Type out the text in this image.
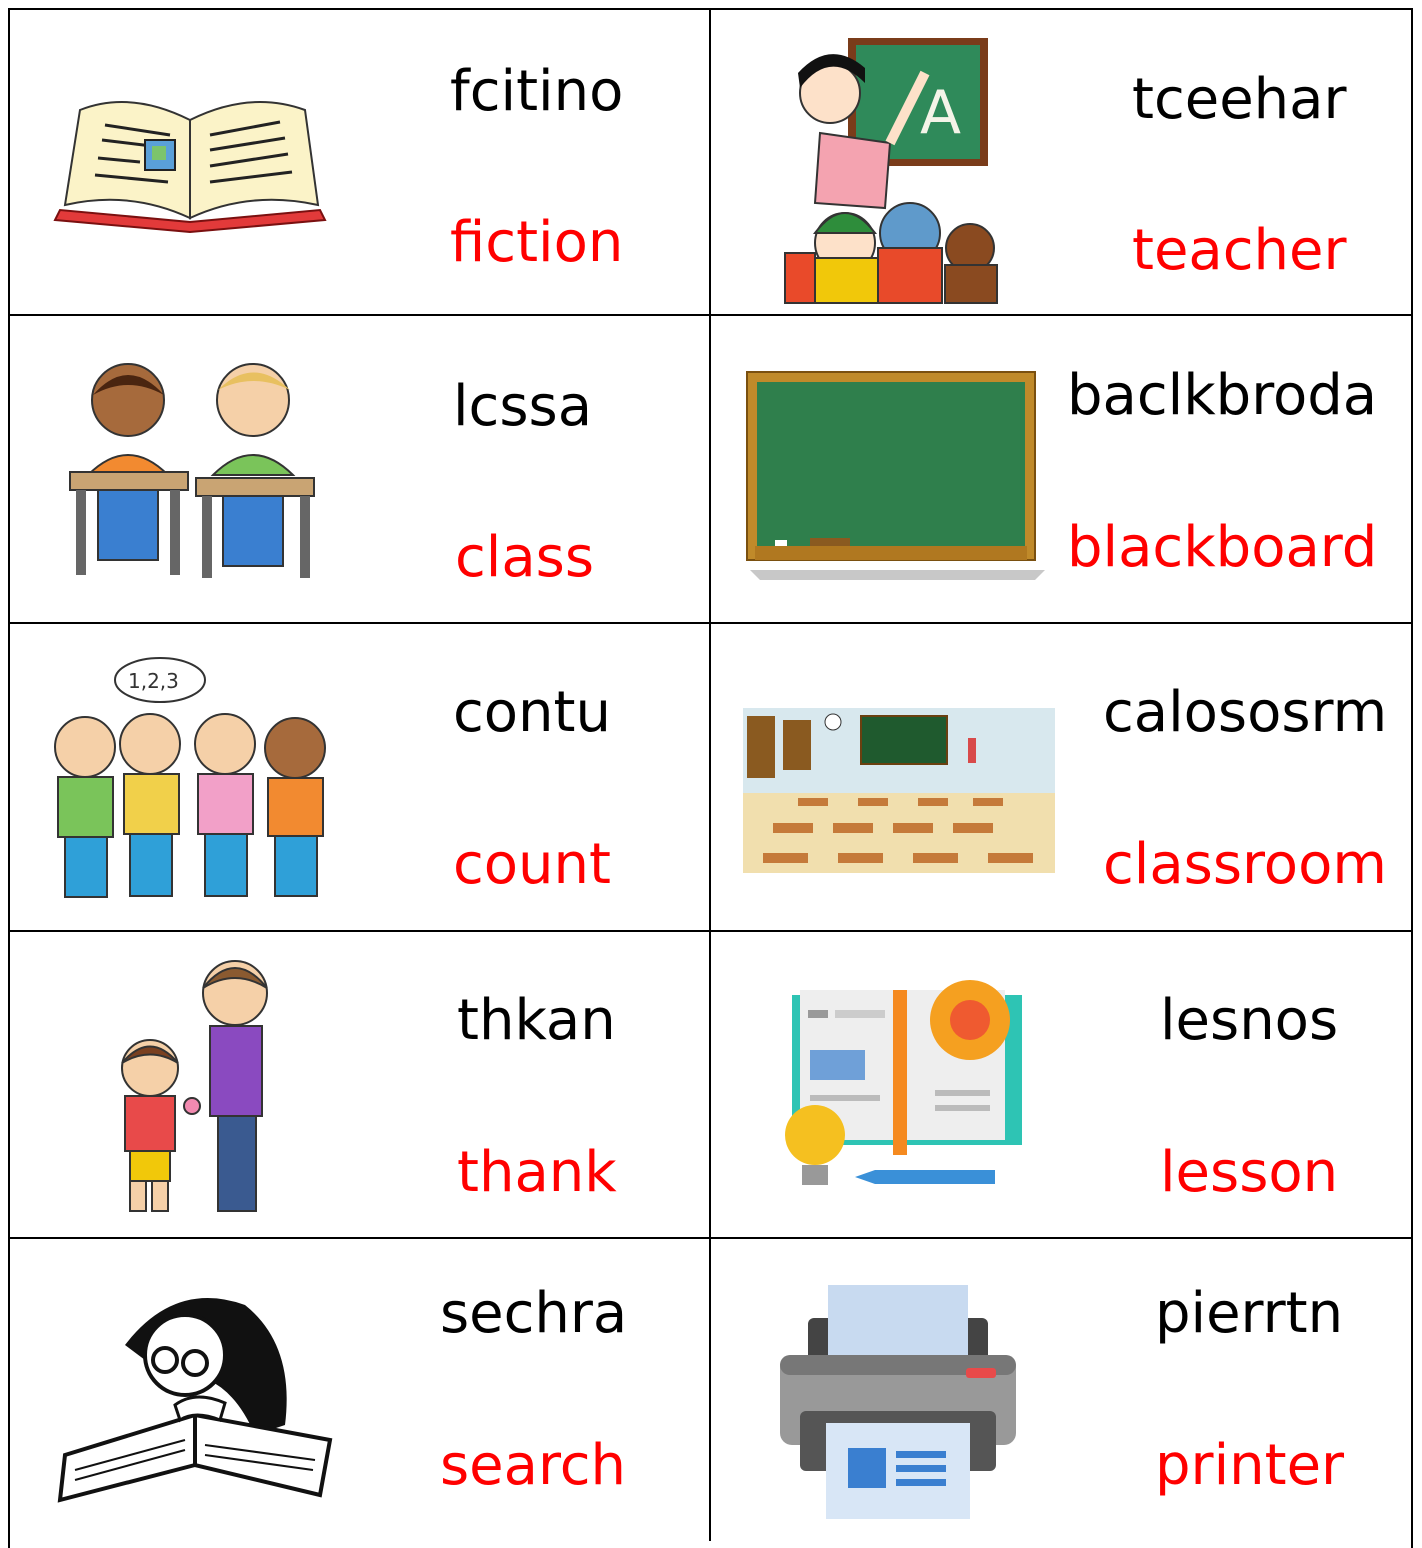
fcitino
fiction
A	tceehar
teacher
lcssa
class
baclkbroda
blackboard
1,2,3	contu
count
calososrm
classroom
thkan
thank
lesnos
lesson
sechra
search
pierrtn
printer
